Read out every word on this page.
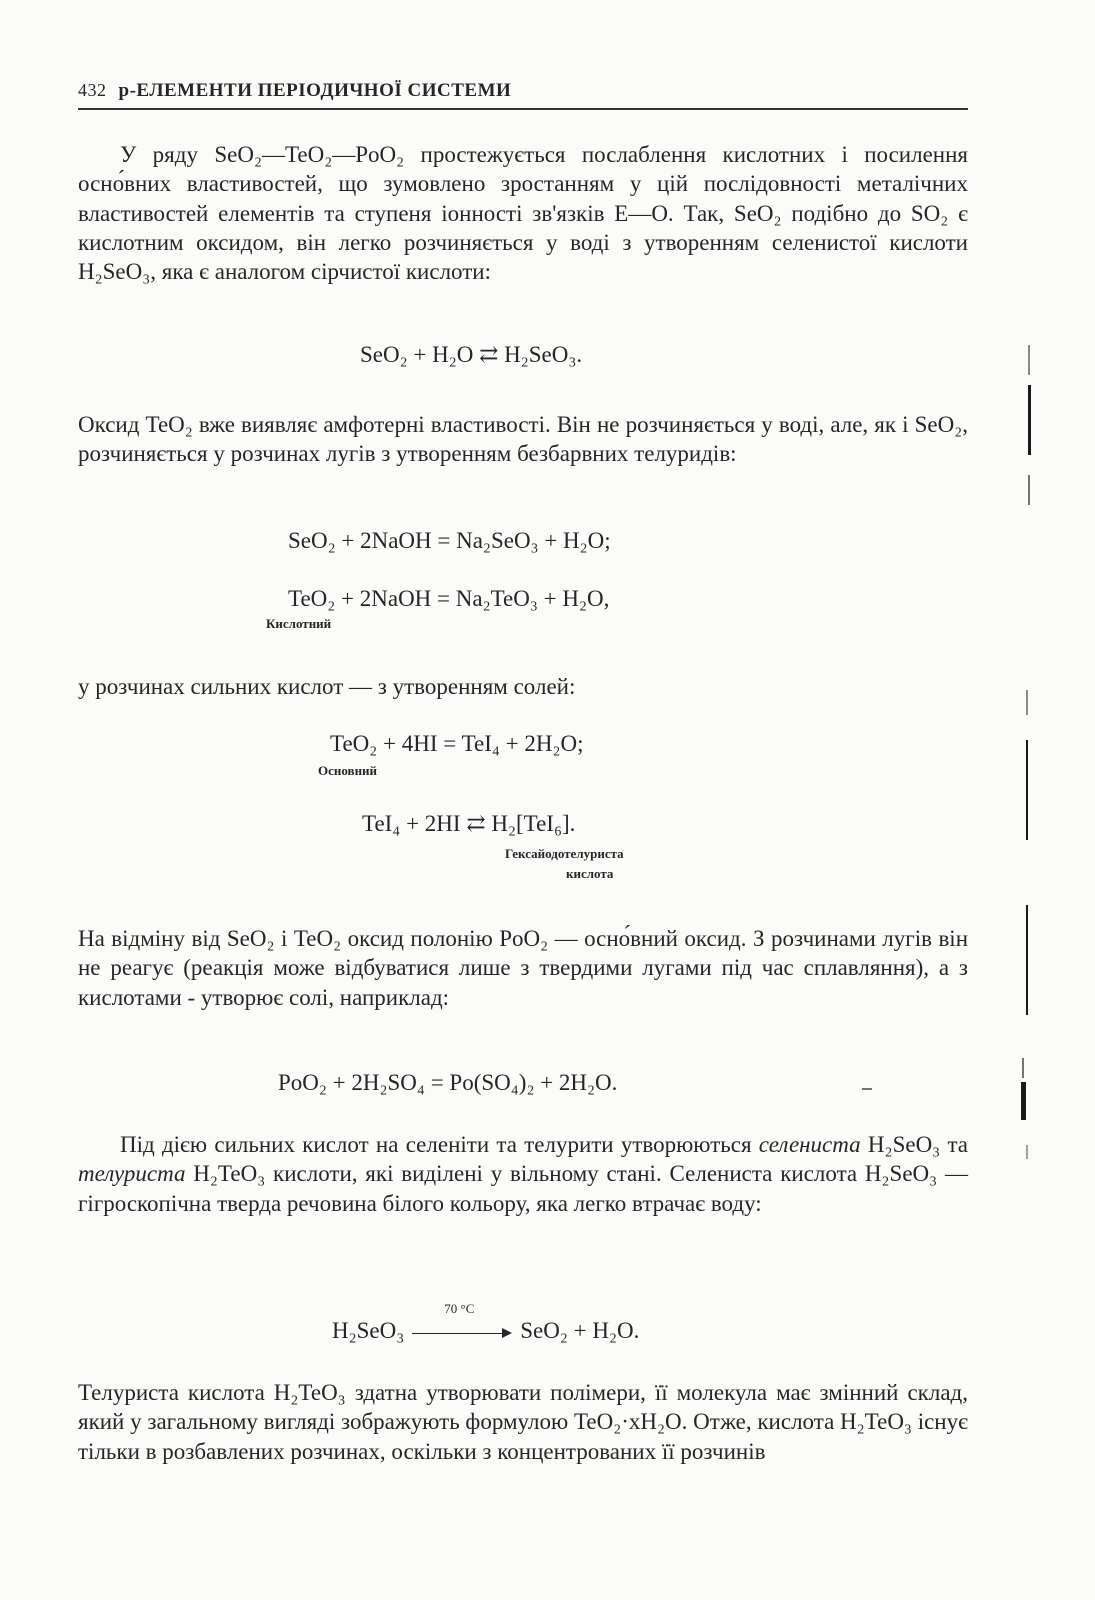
432 р-ЕЛЕМЕНТИ ПЕРІОДИЧНОЇ СИСТЕМИ

У ряду SeO₂—TeO₂—PoO₂ простежується послаблення кислотних і посилення осно́вних властивостей, що зумовлено зростанням у цій послідовності металічних властивостей елементів та ступеня іонності зв'язків E—O. Так, SeO₂ подібно до SO₂ є кислотним оксидом, він легко розчиняється у воді з утворенням селенистої кислоти H₂SeO₃, яка є аналогом сірчистої кислоти:

SeO₂ + H₂O ⇄ H₂SeO₃.

Оксид TeO₂ вже виявляє амфотерні властивості. Він не розчиняється у воді, але, як і SeO₂, розчиняється у розчинах лугів з утворенням безбарвних телуридів:

SeO₂ + 2NaOH = Na₂SeO₃ + H₂O;
TeO₂ + 2NaOH = Na₂TeO₃ + H₂O,
Кислотний

у розчинах сильних кислот — з утворенням солей:

TeO₂ + 4HI = TeI₄ + 2H₂O;
Основний
TeI₄ + 2HI ⇄ H₂[TeI₆].
Гексайодотелуриста
кислота

На відміну від SeO₂ і TeO₂ оксид полонію PoO₂ — осно́вний оксид. З розчинами лугів він не реагує (реакція може відбуватися лише з твердими лугами під час сплавляння), а з кислотами - утворює солі, наприклад:

PoO₂ + 2H₂SO₄ = Po(SO₄)₂ + 2H₂O.

Під дією сильних кислот на селеніти та телурити утворюються селениста H₂SeO₃ та телуриста H₂TeO₃ кислоти, які виділені у вільному стані. Селениста кислота H₂SeO₃ — гігроскопічна тверда речовина білого кольору, яка легко втрачає воду:

H₂SeO₃
70 °C
SeO₂ + H₂O.

Телуриста кислота H₂TeO₃ здатна утворювати полімери, її молекула має змінний склад, який у загальному вигляді зображують формулою TeO₂·xH₂O. Отже, кислота H₂TeO₃ існує тільки в розбавлених розчинах, оскільки з концентрованих її розчинів
